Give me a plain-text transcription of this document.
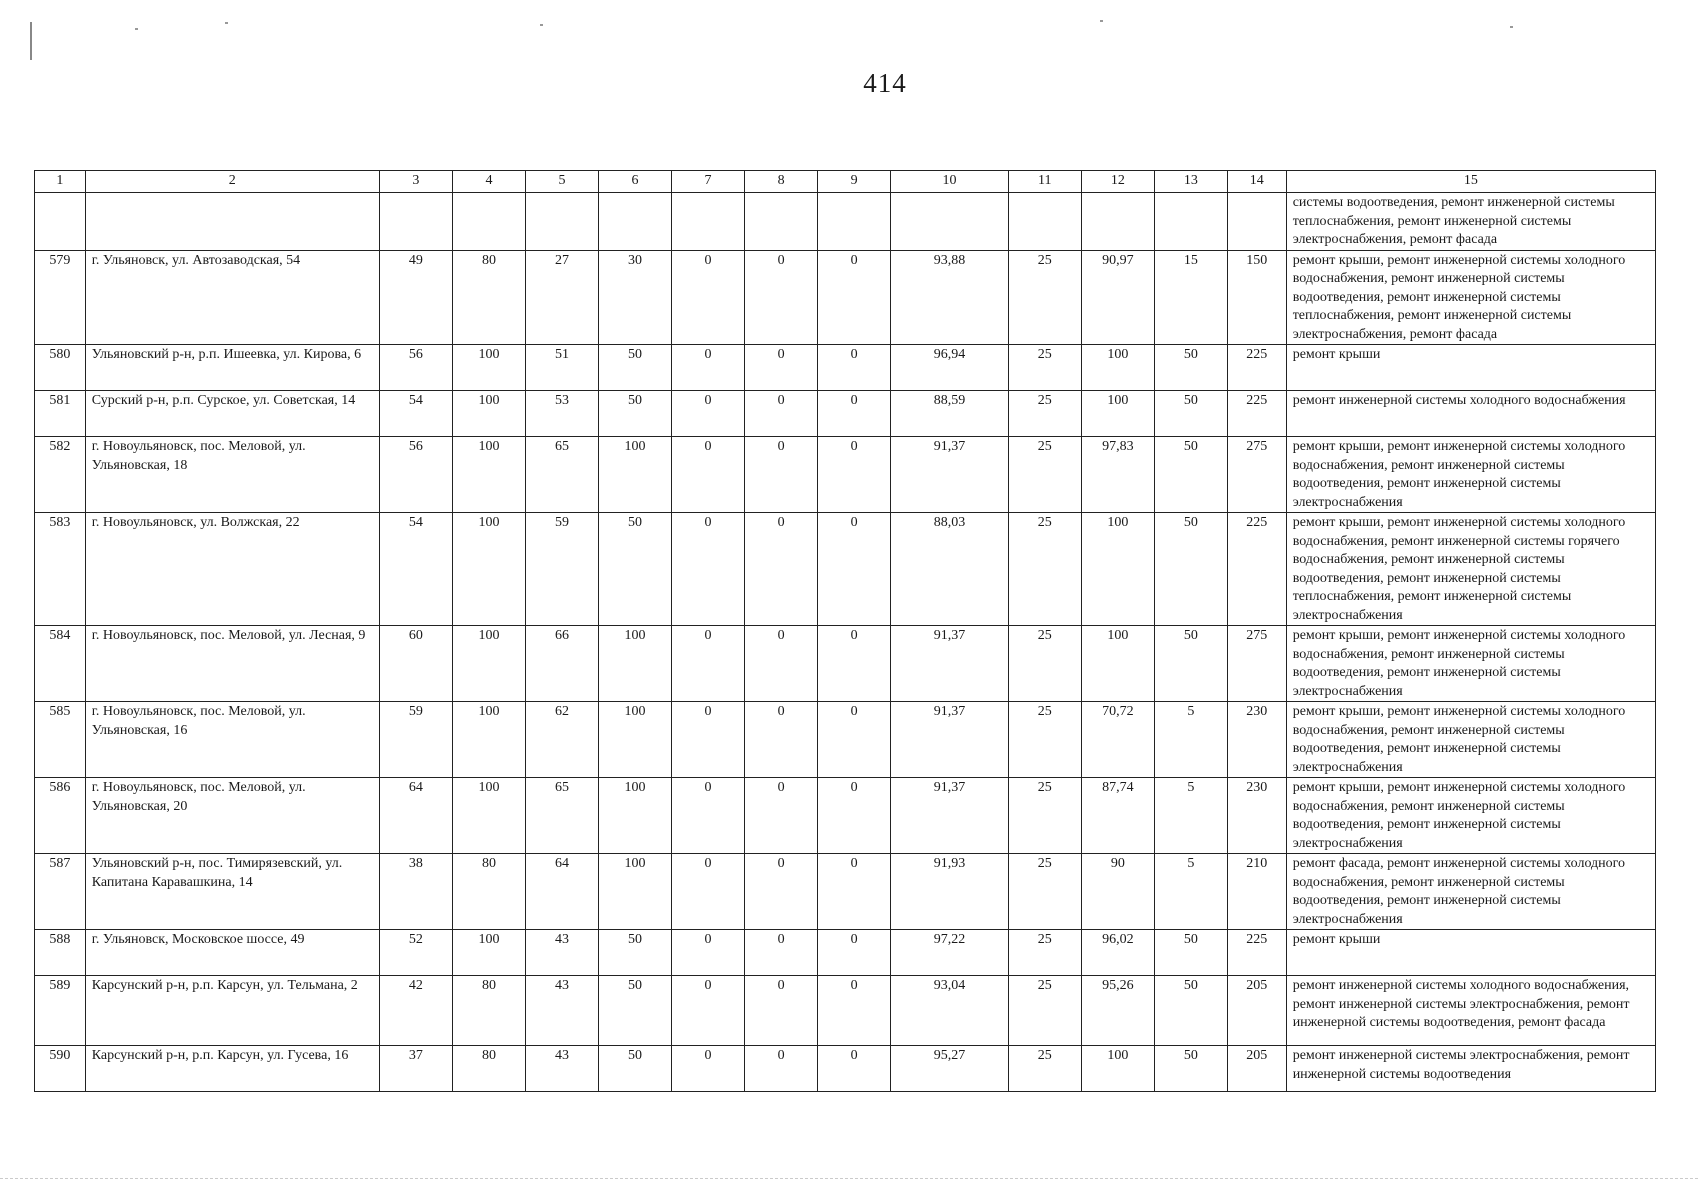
414
1	2	3	4	5	6	7	8	9	10	11	12	13	14	15
														системы водоотведения, ремонт инженерной системы теплоснабжения, ремонт инженерной системы электроснабжения, ремонт фасада
579	г. Ульяновск, ул. Автозаводская, 54	49	80	27	30	0	0	0	93,88	25	90,97	15	150	ремонт крыши, ремонт инженерной системы холодного водоснабжения, ремонт инженерной системы водоотведения, ремонт инженерной системы теплоснабжения, ремонт инженерной системы электроснабжения, ремонт фасада
580	Ульяновский р-н, р.п. Ишеевка, ул. Кирова, 6	56	100	51	50	0	0	0	96,94	25	100	50	225	ремонт крыши
581	Сурский р-н, р.п. Сурское, ул. Советская, 14	54	100	53	50	0	0	0	88,59	25	100	50	225	ремонт инженерной системы холодного водоснабжения
582	г. Новоульяновск, пос. Меловой, ул. Ульяновская, 18	56	100	65	100	0	0	0	91,37	25	97,83	50	275	ремонт крыши, ремонт инженерной системы холодного водоснабжения, ремонт инженерной системы водоотведения, ремонт инженерной системы электроснабжения
583	г. Новоульяновск, ул. Волжская, 22	54	100	59	50	0	0	0	88,03	25	100	50	225	ремонт крыши, ремонт инженерной системы холодного водоснабжения, ремонт инженерной системы горячего водоснабжения, ремонт инженерной системы водоотведения, ремонт инженерной системы теплоснабжения, ремонт инженерной системы электроснабжения
584	г. Новоульяновск, пос. Меловой, ул. Лесная, 9	60	100	66	100	0	0	0	91,37	25	100	50	275	ремонт крыши, ремонт инженерной системы холодного водоснабжения, ремонт инженерной системы водоотведения, ремонт инженерной системы электроснабжения
585	г. Новоульяновск, пос. Меловой, ул. Ульяновская, 16	59	100	62	100	0	0	0	91,37	25	70,72	5	230	ремонт крыши, ремонт инженерной системы холодного водоснабжения, ремонт инженерной системы водоотведения, ремонт инженерной системы электроснабжения
586	г. Новоульяновск, пос. Меловой, ул. Ульяновская, 20	64	100	65	100	0	0	0	91,37	25	87,74	5	230	ремонт крыши, ремонт инженерной системы холодного водоснабжения, ремонт инженерной системы водоотведения, ремонт инженерной системы электроснабжения
587	Ульяновский р-н, пос. Тимирязевский, ул. Капитана Каравашкина, 14	38	80	64	100	0	0	0	91,93	25	90	5	210	ремонт фасада, ремонт инженерной системы холодного водоснабжения, ремонт инженерной системы водоотведения, ремонт инженерной системы электроснабжения
588	г. Ульяновск, Московское шоссе, 49	52	100	43	50	0	0	0	97,22	25	96,02	50	225	ремонт крыши
589	Карсунский р-н, р.п. Карсун, ул. Тельмана, 2	42	80	43	50	0	0	0	93,04	25	95,26	50	205	ремонт инженерной системы холодного водоснабжения, ремонт инженерной системы электроснабжения, ремонт инженерной системы водоотведения, ремонт фасада
590	Карсунский р-н, р.п. Карсун, ул. Гусева, 16	37	80	43	50	0	0	0	95,27	25	100	50	205	ремонт инженерной системы электроснабжения, ремонт инженерной системы водоотведения
